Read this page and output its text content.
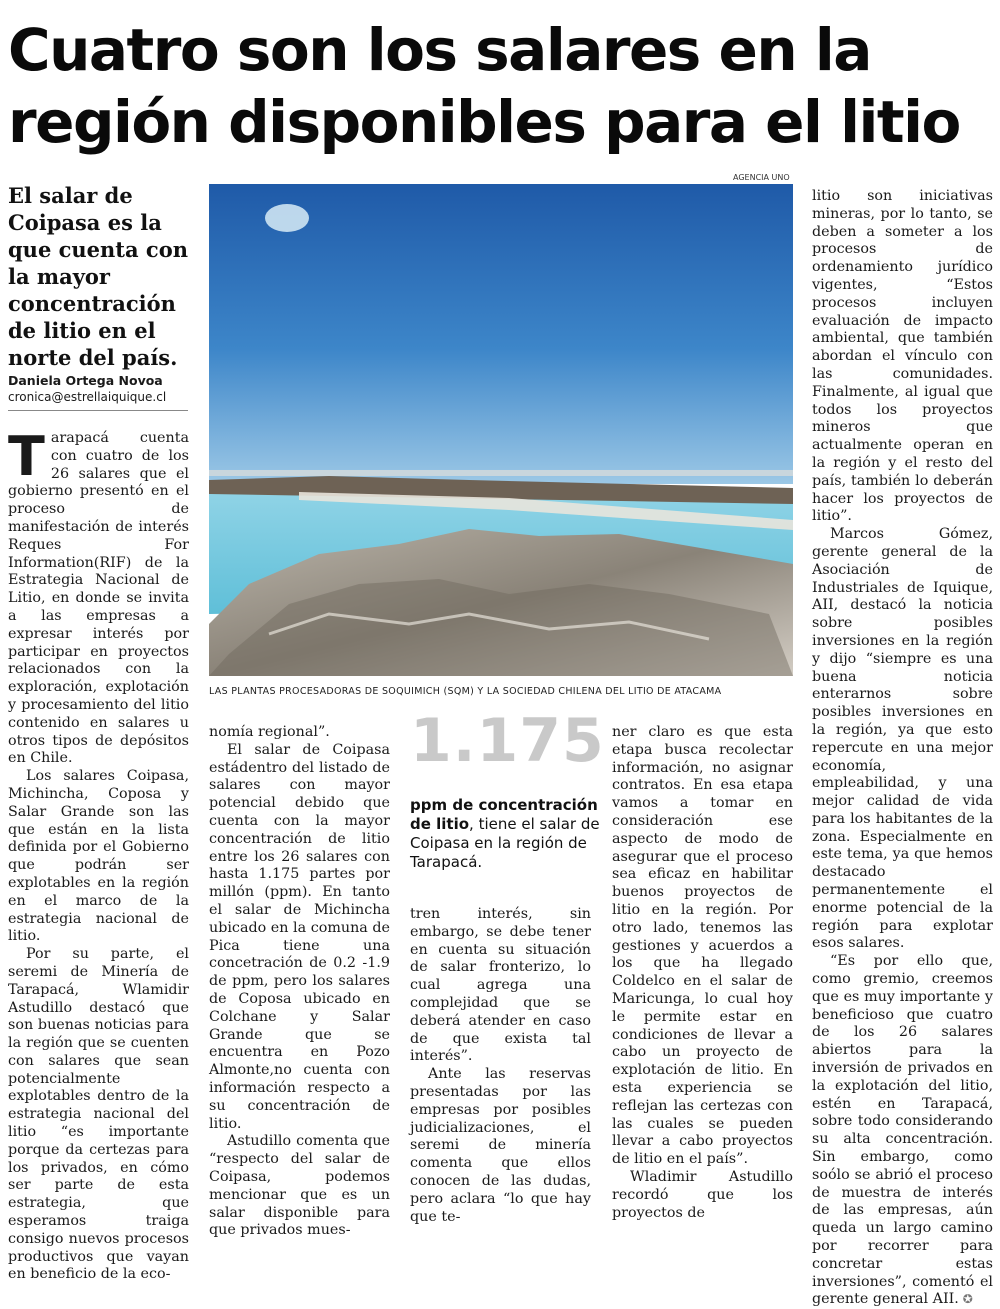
Cuatro son los salares en la región disponibles para el litio
El salar de Coipasa es la que cuenta con la mayor concentración de litio en el norte del país.
Daniela Ortega Novoa
cronica@estrellaiquique.cl

Tarapacá cuenta con cuatro de los 26 salares que el gobierno presentó en el proceso de manifestación de interés Reques For Information(RIF) de la Estrategia Nacional de Litio, en donde se invita a las empresas a expresar interés por participar en proyectos relacionados con la exploración, explotación y procesamiento del litio contenido en salares u otros tipos de depósitos en Chile.

Los salares Coipasa, Michincha, Coposa y Salar Grande son las que están en la lista definida por el Gobierno que podrán ser explotables en la región en el marco de la estrategia nacional de litio.

Por su parte, el seremi de Minería de Tarapacá, Wlamidir Astudillo destacó que son buenas noticias para la región que se cuenten con salares que sean potencialmente explotables dentro de la estrategia nacional del litio “es importante porque da certezas para los privados, en cómo ser parte de esta estrategia, que esperamos traiga consigo nuevos procesos productivos que vayan en beneficio de la eco-

AGENCIA UNO
LAS PLANTAS PROCESADORAS DE SOQUIMICH (SQM) Y LA SOCIEDAD CHILENA DEL LITIO DE ATACAMA

nomía regional”.

El salar de Coipasa estádentro del listado de salares con mayor potencial debido que cuenta con la mayor concentración de litio entre los 26 salares con hasta 1.175 partes por millón (ppm). En tanto el salar de Michincha ubicado en la comuna de Pica tiene una concetración de 0.2 -1.9 de ppm, pero los salares de Coposa ubicado en Colchane y Salar Grande que se encuentra en Pozo Almonte,no cuenta con información respecto a su concentración de litio.

Astudillo comenta que “respecto del salar de Coipasa, podemos mencionar que es un salar disponible para que privados mues-

1.175
ppm de concentración de litio, tiene el salar de Coipasa en la región de Tarapacá.

tren interés, sin embargo, se debe tener en cuenta su situación de salar fronterizo, lo cual agrega una complejidad que se deberá atender en caso de que exista tal interés”.

Ante las reservas presentadas por las empresas por posibles judicializaciones, el seremi de minería comenta que ellos conocen de las dudas, pero aclara “lo que hay que te-

ner claro es que esta etapa busca recolectar información, no asignar contratos. En esa etapa vamos a tomar en consideración ese aspecto de modo de asegurar que el proceso sea eficaz en habilitar buenos proyectos de litio en la región. Por otro lado, tenemos las gestiones y acuerdos a los que ha llegado Coldelco en el salar de Maricunga, lo cual hoy le permite estar en condiciones de llevar a cabo un proyecto de explotación de litio. En esta experiencia se reflejan las certezas con las cuales se pueden llevar a cabo proyectos de litio en el país”.

Wladimir Astudillo recordó que los proyectos de

litio son iniciativas mineras, por lo tanto, se deben a someter a los procesos de ordenamiento jurídico vigentes, “Estos procesos incluyen evaluación de impacto ambiental, que también abordan el vínculo con las comunidades. Finalmente, al igual que todos los proyectos mineros que actualmente operan en la región y el resto del país, también lo deberán hacer los proyectos de litio”.

Marcos Gómez, gerente general de la Asociación de Industriales de Iquique, AII, destacó la noticia sobre posibles inversiones en la región y dijo “siempre es una buena noticia enterarnos sobre posibles inversiones en la región, ya que esto repercute en una mejor economía, empleabilidad, y una mejor calidad de vida para los habitantes de la zona. Especialmente en este tema, ya que hemos destacado permanentemente el enorme potencial de la región para explotar esos salares.

“Es por ello que, como gremio, creemos que es muy importante y beneficioso que cuatro de los 26 salares abiertos para la inversión de privados en la explotación del litio, estén en Tarapacá, sobre todo considerando su alta concentración. Sin embargo, como soólo se abrió el proceso de muestra de interés de las empresas, aún queda un largo camino por recorrer para concretar estas inversiones”, comentó el gerente general AII. ✪
